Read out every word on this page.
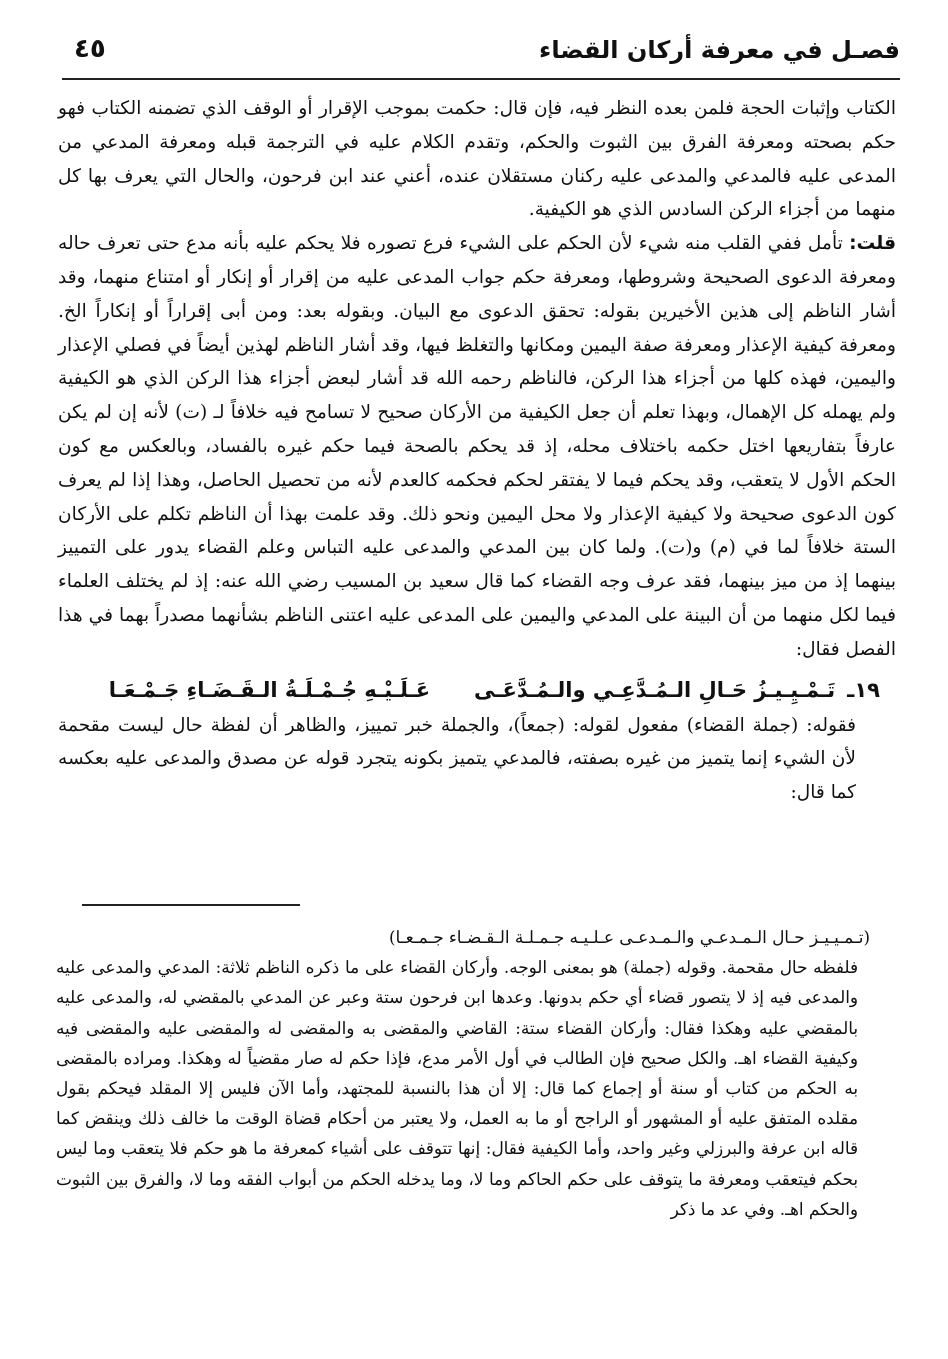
فصـل في معرفة أركان القضاء
٤٥

الكتاب وإثبات الحجة فلمن بعده النظر فيه، فإن قال: حكمت بموجب الإقرار أو الوقف الذي تضمنه الكتاب فهو حكم بصحته ومعرفة الفرق بين الثبوت والحكم، وتقدم الكلام عليه في الترجمة قبله ومعرفة المدعي من المدعى عليه فالمدعي والمدعى عليه ركنان مستقلان عنده، أعني عند ابن فرحون، والحال التي يعرف بها كل منهما من أجزاء الركن السادس الذي هو الكيفية.

قلت: تأمل ففي القلب منه شيء لأن الحكم على الشيء فرع تصوره فلا يحكم عليه بأنه مدع حتى تعرف حاله ومعرفة الدعوى الصحيحة وشروطها، ومعرفة حكم جواب المدعى عليه من إقرار أو إنكار أو امتناع منهما، وقد أشار الناظم إلى هذين الأخيرين بقوله: تحقق الدعوى مع البيان. وبقوله بعد: ومن أبى إقراراً أو إنكاراً الخ. ومعرفة كيفية الإعذار ومعرفة صفة اليمين ومكانها والتغلظ فيها، وقد أشار الناظم لهذين أيضاً في فصلي الإعذار واليمين، فهذه كلها من أجزاء هذا الركن، فالناظم رحمه الله قد أشار لبعض أجزاء هذا الركن الذي هو الكيفية ولم يهمله كل الإهمال، وبهذا تعلم أن جعل الكيفية من الأركان صحيح لا تسامح فيه خلافاً لـ (ت) لأنه إن لم يكن عارفاً بتفاريعها اختل حكمه باختلاف محله، إذ قد يحكم بالصحة فيما حكم غيره بالفساد، وبالعكس مع كون الحكم الأول لا يتعقب، وقد يحكم فيما لا يفتقر لحكم فحكمه كالعدم لأنه من تحصيل الحاصل، وهذا إذا لم يعرف كون الدعوى صحيحة ولا كيفية الإعذار ولا محل اليمين ونحو ذلك. وقد علمت بهذا أن الناظم تكلم على الأركان الستة خلافاً لما في (م) و(ت). ولما كان بين المدعي والمدعى عليه التباس وعلم القضاء يدور على التمييز بينهما إذ من ميز بينهما، فقد عرف وجه القضاء كما قال سعيد بن المسيب رضي الله عنه: إذ لم يختلف العلماء فيما لكل منهما من أن البينة على المدعي واليمين على المدعى عليه اعتنى الناظم بشأنهما مصدراً بهما في هذا الفصل فقال:

١٩ـتَـمْـيِـيـزُ حَـالِ الـمُـدَّعِـي والـمُـدَّعَـىعَـلَـيْـهِ جُـمْـلَـةُ الـقَـضَـاءِ جَـمْـعَـا

فقوله: (جملة القضاء) مفعول لقوله: (جمعاً)، والجملة خبر تمييز، والظاهر أن لفظة حال ليست مقحمة لأن الشيء إنما يتميز من غيره بصفته، فالمدعي يتميز بكونه يتجرد قوله عن مصدق والمدعى عليه بعكسه كما قال:

(تـمـيـيـز حـال الـمـدعـي والـمـدعـى عـلـيـه جـمـلـة الـقـضـاء جـمـعـا)

فلفظه حال مقحمة. وقوله (جملة) هو بمعنى الوجه. وأركان القضاء على ما ذكره الناظم ثلاثة: المدعي والمدعى عليه والمدعى فيه إذ لا يتصور قضاء أي حكم بدونها. وعدها ابن فرحون ستة وعبر عن المدعي بالمقضي له، والمدعى عليه بالمقضي عليه وهكذا فقال: وأركان القضاء ستة: القاضي والمقضى به والمقضى له والمقضى عليه والمقضى فيه وكيفية القضاء اهـ. والكل صحيح فإن الطالب في أول الأمر مدع، فإذا حكم له صار مقضياً له وهكذا. ومراده بالمقضى به الحكم من كتاب أو سنة أو إجماع كما قال: إلا أن هذا بالنسبة للمجتهد، وأما الآن فليس إلا المقلد فيحكم بقول مقلده المتفق عليه أو المشهور أو الراجح أو ما به العمل، ولا يعتبر من أحكام قضاة الوقت ما خالف ذلك وينقض كما قاله ابن عرفة والبرزلي وغير واحد، وأما الكيفية فقال: إنها تتوقف على أشياء كمعرفة ما هو حكم فلا يتعقب وما ليس بحكم فيتعقب ومعرفة ما يتوقف على حكم الحاكم وما لا، وما يدخله الحكم من أبواب الفقه وما لا، والفرق بين الثبوت والحكم اهـ. وفي عد ما ذكر
